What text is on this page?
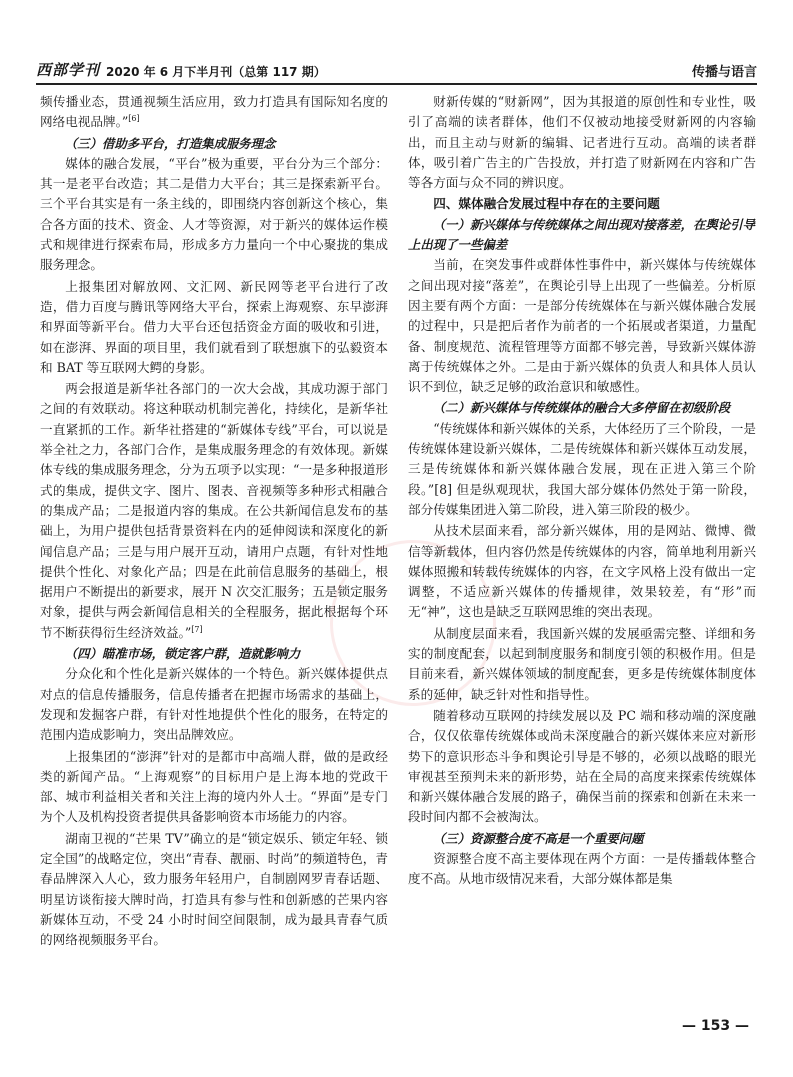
西部学刊 2020 年 6 月下半月刊（总第 117 期）	传播与语言

频传播业态，贯通视频生活应用，致力打造具有国际知名度的网络电视品牌。”[6]

（三）借助多平台，打造集成服务理念

媒体的融合发展，“平台”极为重要，平台分为三个部分：其一是老平台改造；其二是借力大平台；其三是探索新平台。三个平台其实是有一条主线的，即围绕内容创新这个核心，集合各方面的技术、资金、人才等资源，对于新兴的媒体运作模式和规律进行探索布局，形成多方力量向一个中心聚拢的集成服务理念。

上报集团对解放网、文汇网、新民网等老平台进行了改造，借力百度与腾讯等网络大平台，探索上海观察、东早澎湃和界面等新平台。借力大平台还包括资金方面的吸收和引进，如在澎湃、界面的项目里，我们就看到了联想旗下的弘毅资本和 BAT 等互联网大鳄的身影。

两会报道是新华社各部门的一次大会战，其成功源于部门之间的有效联动。将这种联动机制完善化，持续化，是新华社一直紧抓的工作。新华社搭建的“新媒体专线”平台，可以说是举全社之力，各部门合作，是集成服务理念的有效体现。新媒体专线的集成服务理念，分为五项予以实现：“一是多种报道形式的集成，提供文字、图片、图表、音视频等多种形式相融合的集成产品；二是报道内容的集成。在公共新闻信息发布的基础上，为用户提供包括背景资料在内的延伸阅读和深度化的新闻信息产品；三是与用户展开互动，请用户点题，有针对性地提供个性化、对象化产品；四是在此前信息服务的基础上，根据用户不断提出的新要求，展开 N 次交汇服务；五是锁定服务对象，提供与两会新闻信息相关的全程服务，据此根据每个环节不断获得衍生经济效益。”[7]

（四）瞄准市场，锁定客户群，造就影响力

分众化和个性化是新兴媒体的一个特色。新兴媒体提供点对点的信息传播服务，信息传播者在把握市场需求的基础上，发现和发掘客户群，有针对性地提供个性化的服务，在特定的范围内造成影响力，突出品牌效应。

上报集团的“澎湃”针对的是都市中高端人群，做的是政经类的新闻产品。“上海观察”的目标用户是上海本地的党政干部、城市利益相关者和关注上海的境内外人士。“界面”是专门为个人及机构投资者提供具备影响资本市场能力的内容。

湖南卫视的“芒果 TV”确立的是“锁定娱乐、锁定年轻、锁定全国”的战略定位，突出“青春、靓丽、时尚”的频道特色，青春品牌深入人心，致力服务年轻用户，自制剧网罗青春话题、明星访谈衔接大牌时尚，打造具有参与性和创新感的芒果内容新媒体互动，不受 24 小时时间空间限制，成为最具青春气质的网络视频服务平台。

财新传媒的“财新网”，因为其报道的原创性和专业性，吸引了高端的读者群体，他们不仅被动地接受财新网的内容输出，而且主动与财新的编辑、记者进行互动。高端的读者群体，吸引着广告主的广告投放，并打造了财新网在内容和广告等各方面与众不同的辨识度。

四、媒体融合发展过程中存在的主要问题
（一）新兴媒体与传统媒体之间出现对接落差，在舆论引导上出现了一些偏差

当前，在突发事件或群体性事件中，新兴媒体与传统媒体之间出现对接“落差”，在舆论引导上出现了一些偏差。分析原因主要有两个方面：一是部分传统媒体在与新兴媒体融合发展的过程中，只是把后者作为前者的一个拓展或者渠道，力量配备、制度规范、流程管理等方面都不够完善，导致新兴媒体游离于传统媒体之外。二是由于新兴媒体的负责人和具体人员认识不到位，缺乏足够的政治意识和敏感性。

（二）新兴媒体与传统媒体的融合大多停留在初级阶段

“传统媒体和新兴媒体的关系，大体经历了三个阶段，一是传统媒体建设新兴媒体，二是传统媒体和新兴媒体互动发展，三是传统媒体和新兴媒体融合发展，现在正进入第三个阶段。”[8] 但是纵观现状，我国大部分媒体仍然处于第一阶段，部分传媒集团进入第二阶段，进入第三阶段的极少。

从技术层面来看，部分新兴媒体，用的是网站、微博、微信等新载体，但内容仍然是传统媒体的内容，简单地利用新兴媒体照搬和转载传统媒体的内容，在文字风格上没有做出一定调整，不适应新兴媒体的传播规律，效果较差，有“形”而无“神”，这也是缺乏互联网思维的突出表现。

从制度层面来看，我国新兴媒的发展亟需完整、详细和务实的制度配套，以起到制度服务和制度引领的积极作用。但是目前来看，新兴媒体领域的制度配套，更多是传统媒体制度体系的延伸，缺乏针对性和指导性。

随着移动互联网的持续发展以及 PC 端和移动端的深度融合，仅仅依靠传统媒体或尚未深度融合的新兴媒体来应对新形势下的意识形态斗争和舆论引导是不够的，必须以战略的眼光审视甚至预判未来的新形势，站在全局的高度来探索传统媒体和新兴媒体融合发展的路子，确保当前的探索和创新在未来一段时间内都不会被淘汰。

（三）资源整合度不高是一个重要问题

资源整合度不高主要体现在两个方面：一是传播载体整合度不高。从地市级情况来看，大部分媒体都是集

— 153 —
